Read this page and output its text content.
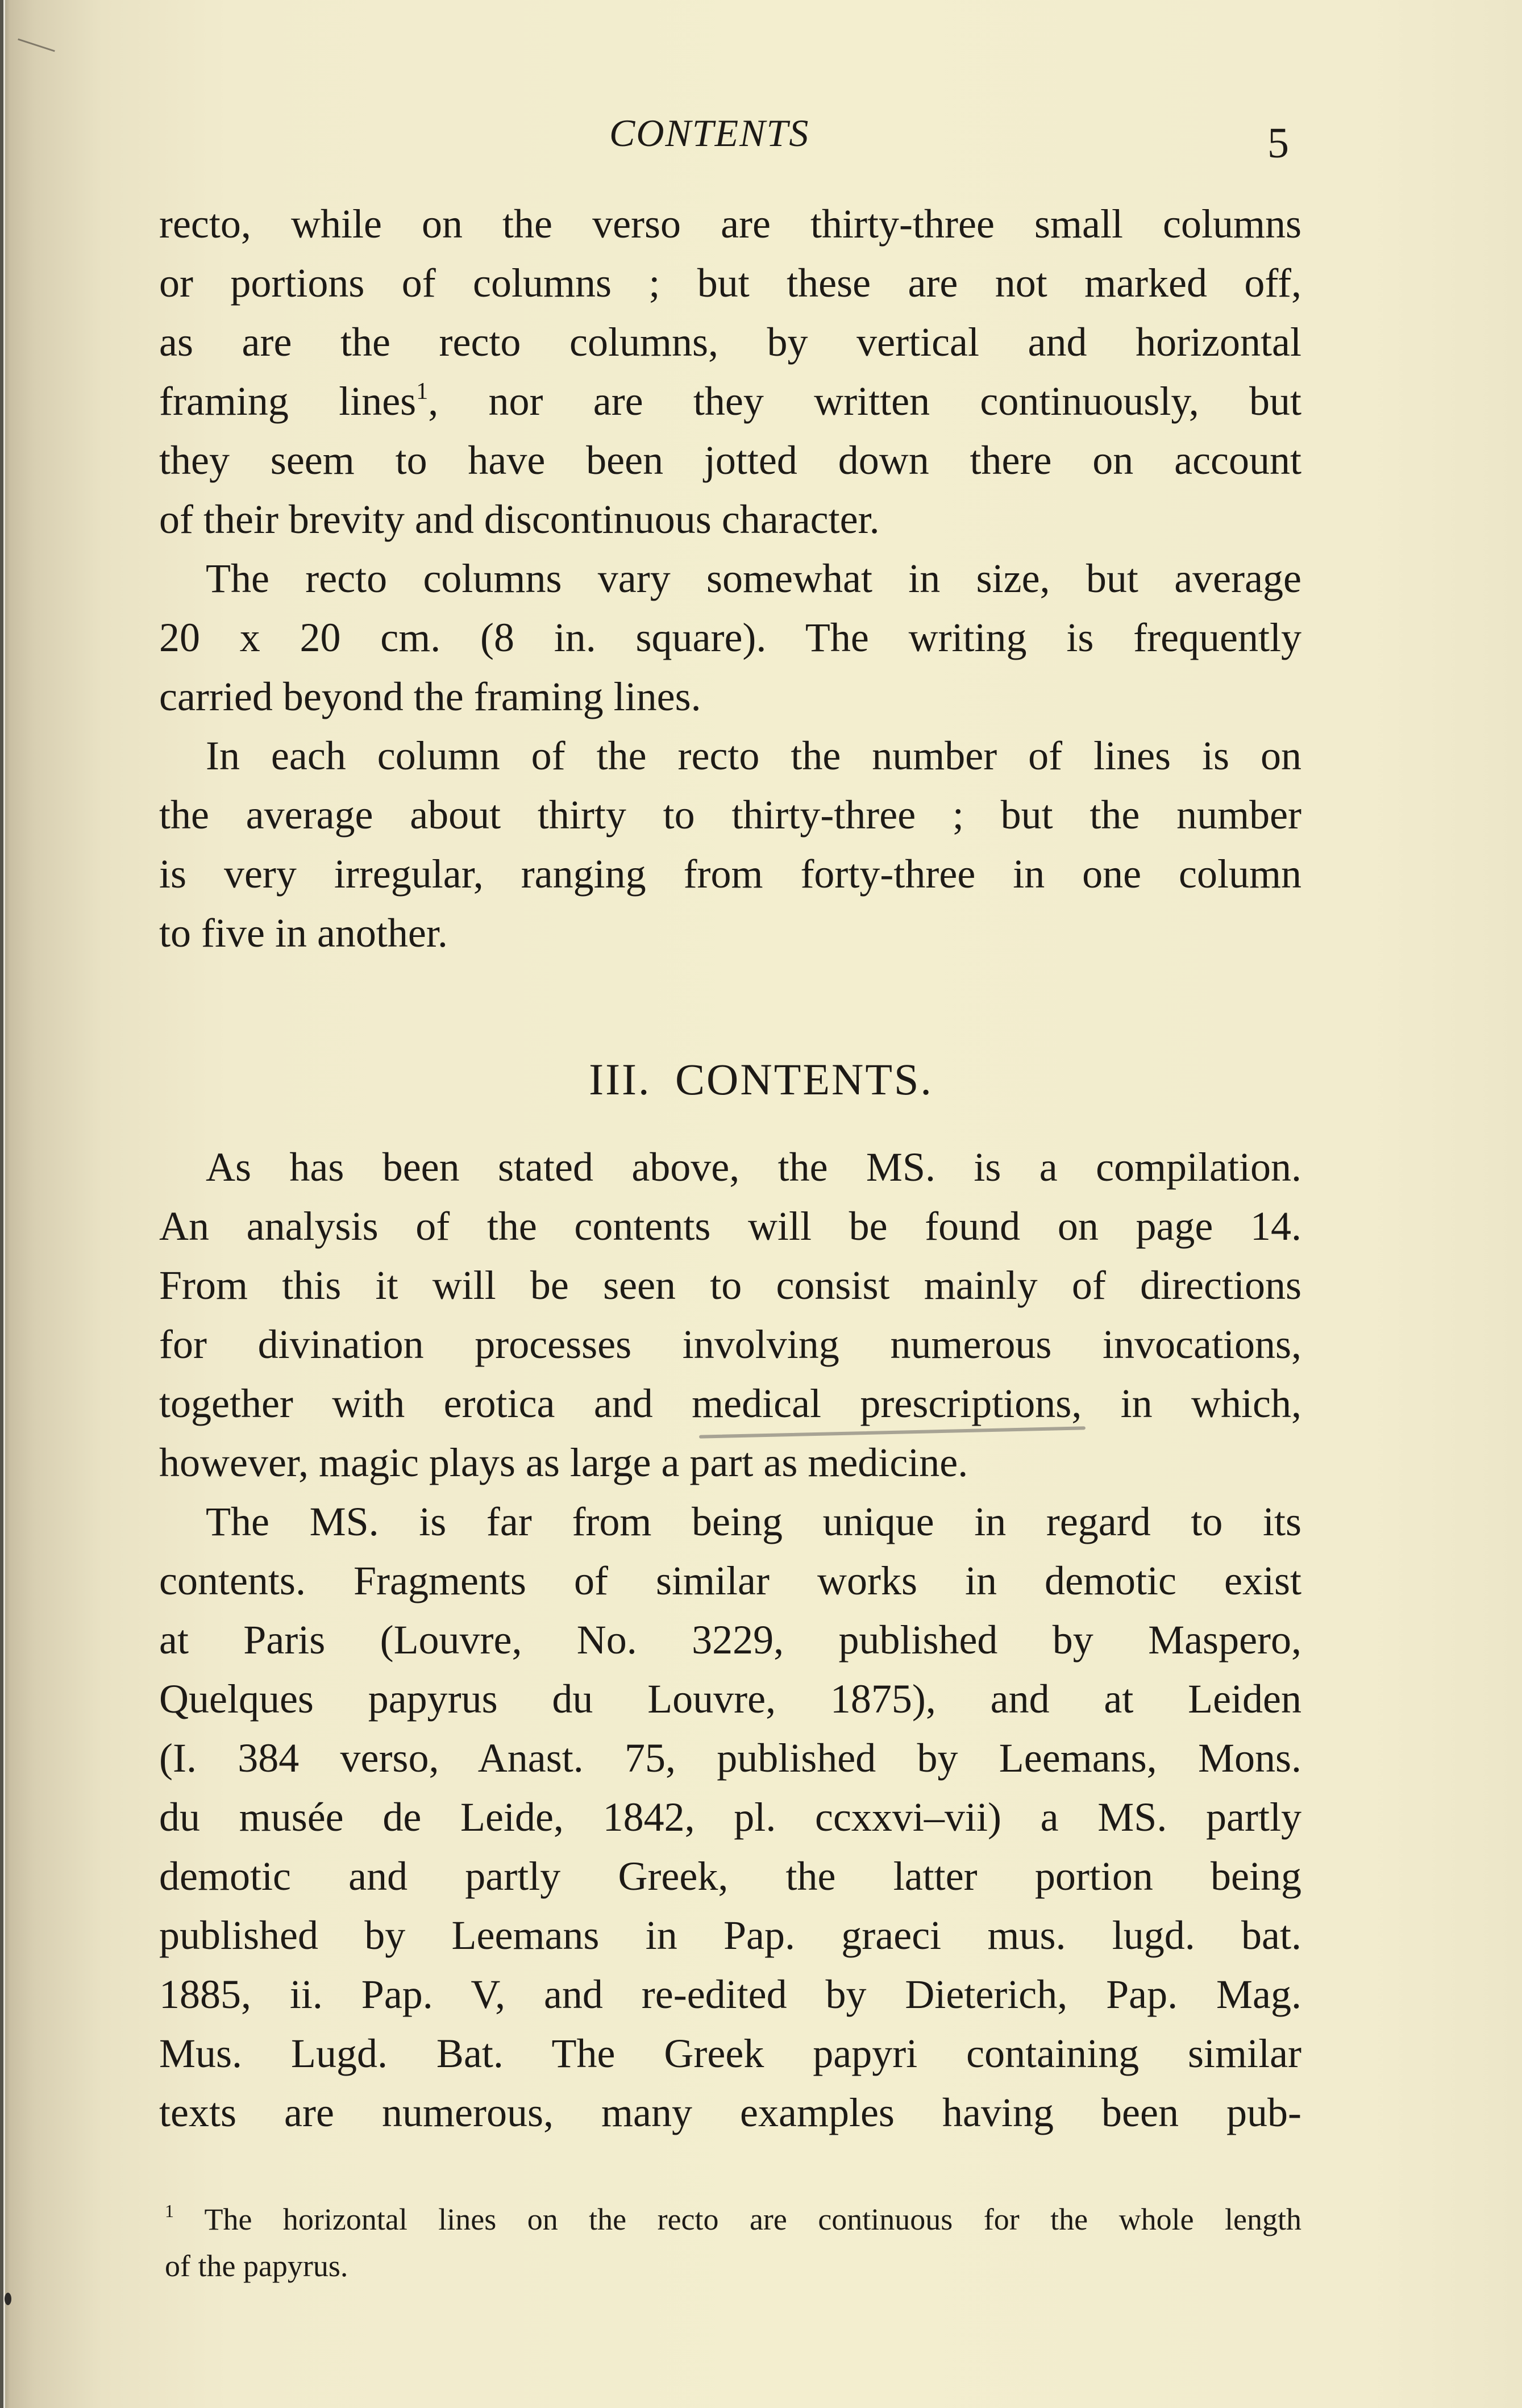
CONTENTS	5
recto, while on the verso are thirty-three small columns
or portions of columns ; but these are not marked off,
as are the recto columns, by vertical and horizontal
framing lines$^1$, nor are they written continuously, but
they seem to have been jotted down there on account
of their brevity and discontinuous character.
The recto columns vary somewhat in size, but average
20 x 20 cm. (8 in. square). The writing is frequently
carried beyond the framing lines.
In each column of the recto the number of lines is on
the average about thirty to thirty-three ; but the number
is very irregular, ranging from forty-three in one column
to five in another.
III. CONTENTS.
As has been stated above, the MS. is a compilation.
An analysis of the contents will be found on page 14.
From this it will be seen to consist mainly of directions
for divination processes involving numerous invocations,
together with erotica and medical prescriptions, in which,
however, magic plays as large a part as medicine.
The MS. is far from being unique in regard to its
contents. Fragments of similar works in demotic exist
at Paris (Louvre, No. 3229, published by Maspero,
Quelques papyrus du Louvre, 1875), and at Leiden
(I. 384 verso, Anast. 75, published by Leemans, Mons.
du musée de Leide, 1842, pl. ccxxvi–vii) a MS. partly
demotic and partly Greek, the latter portion being
published by Leemans in Pap. graeci mus. lugd. bat.
1885, ii. Pap. V, and re-edited by Dieterich, Pap. Mag.
Mus. Lugd. Bat. The Greek papyri containing similar
texts are numerous, many examples having been pub-
$^1$ The horizontal lines on the recto are continuous for the whole length
of the papyrus.
